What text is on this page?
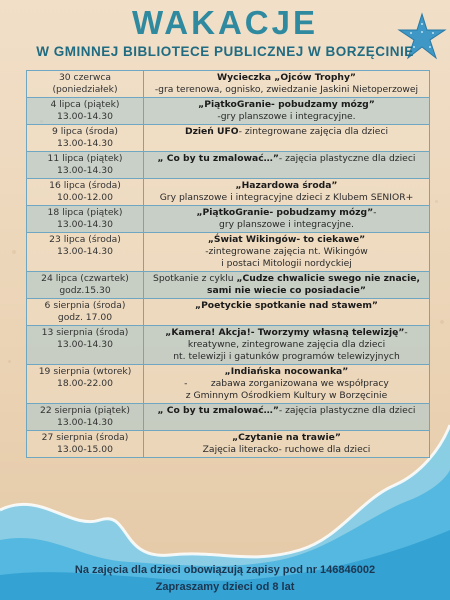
WAKACJE
W GMINNEJ BIBLIOTECE PUBLICZNEJ W BORZĘCINIE
30 czerwca
(poniedziałek)	Wycieczka „Ojców Trophy”
-gra terenowa, ognisko, zwiedzanie Jaskini Nietoperzowej
4 lipca (piątek)
13.00-14.30	„PiątkoGranie- pobudzamy mózg”
-gry planszowe i integracyjne.
9 lipca (środa)
13.00-14.30	Dzień UFO- zintegrowane zajęcia dla dzieci
11 lipca (piątek)
13.00-14.30	„ Co by tu zmalować…”- zajęcia plastyczne dla dzieci
16 lipca (środa)
10.00-12.00	„Hazardowa środa”
Gry planszowe i integracyjne dzieci z Klubem SENIOR+
18 lipca (piątek)
13.00-14.30	„PiątkoGranie- pobudzamy mózg”-
gry planszowe i integracyjne.
23 lipca (środa)
13.00-14.30	„Świat Wikingów- to ciekawe”
-zintegrowane zajęcia nt. Wikingów
i postaci Mitologii nordyckiej
24 lipca (czwartek)
godz.15.30	Spotkanie z cyklu „Cudze chwalicie swego nie znacie, sami nie wiecie co posiadacie”
6 sierpnia (środa)
godz. 17.00	„Poetyckie spotkanie nad stawem”
13 sierpnia (środa)
13.00-14.30	„Kamera! Akcja!- Tworzymy własną telewizję”-
kreatywne, zintegrowane zajęcia dla dzieci
nt. telewizji i gatunków programów telewizyjnych
19 sierpnia (wtorek)
18.00-22.00	„Indiańska nocowanka”
-        zabawa zorganizowana we współpracy
z Gminnym Ośrodkiem Kultury w Borzęcinie
22 sierpnia (piątek)
13.00-14.30	„ Co by tu zmalować…”- zajęcia plastyczne dla dzieci
27 sierpnia (środa)
13.00-15.00	„Czytanie na trawie”
Zajęcia literacko- ruchowe dla dzieci
Na zajęcia dla dzieci obowiązują zapisy pod nr 146846002
Zapraszamy dzieci od 8 lat
